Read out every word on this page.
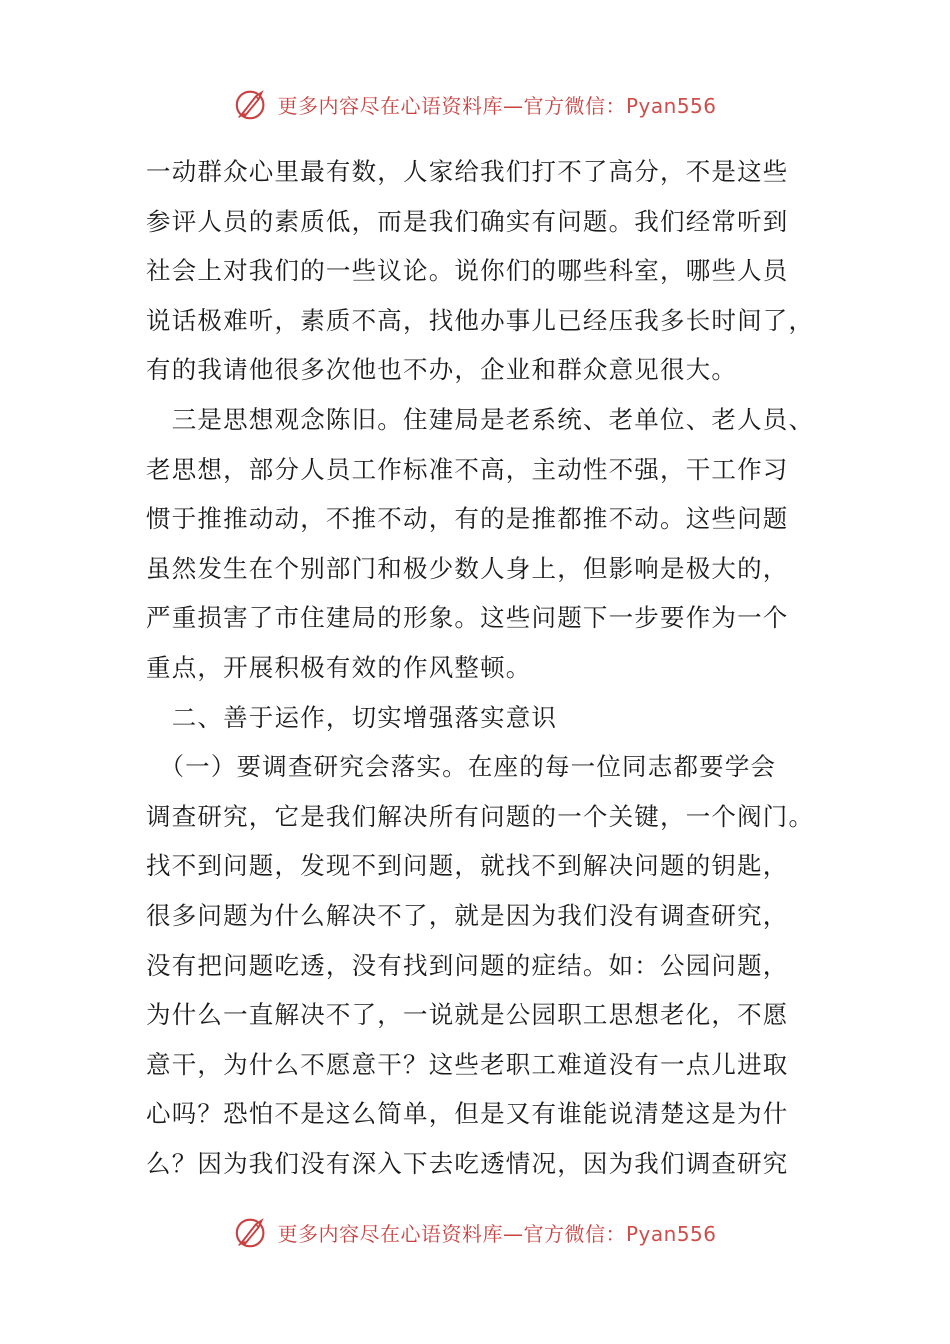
更多内容尽在心语资料库—官方微信：Pyan556
一动群众心里最有数，人家给我们打不了高分，不是这些
参评人员的素质低，而是我们确实有问题。我们经常听到
社会上对我们的一些议论。说你们的哪些科室，哪些人员
说话极难听，素质不高，找他办事儿已经压我多长时间了，
有的我请他很多次他也不办，企业和群众意见很大。
　三是思想观念陈旧。住建局是老系统、老单位、老人员、
老思想，部分人员工作标准不高，主动性不强，干工作习
惯于推推动动，不推不动，有的是推都推不动。这些问题
虽然发生在个别部门和极少数人身上，但影响是极大的，
严重损害了市住建局的形象。这些问题下一步要作为一个
重点，开展积极有效的作风整顿。
　二、善于运作，切实增强落实意识
　（一）要调查研究会落实。在座的每一位同志都要学会
调查研究，它是我们解决所有问题的一个关键，一个阀门。
找不到问题，发现不到问题，就找不到解决问题的钥匙，
很多问题为什么解决不了，就是因为我们没有调查研究，
没有把问题吃透，没有找到问题的症结。如：公园问题，
为什么一直解决不了，一说就是公园职工思想老化，不愿
意干，为什么不愿意干？这些老职工难道没有一点儿进取
心吗？恐怕不是这么简单，但是又有谁能说清楚这是为什
么？因为我们没有深入下去吃透情况，因为我们调查研究
更多内容尽在心语资料库—官方微信：Pyan556
